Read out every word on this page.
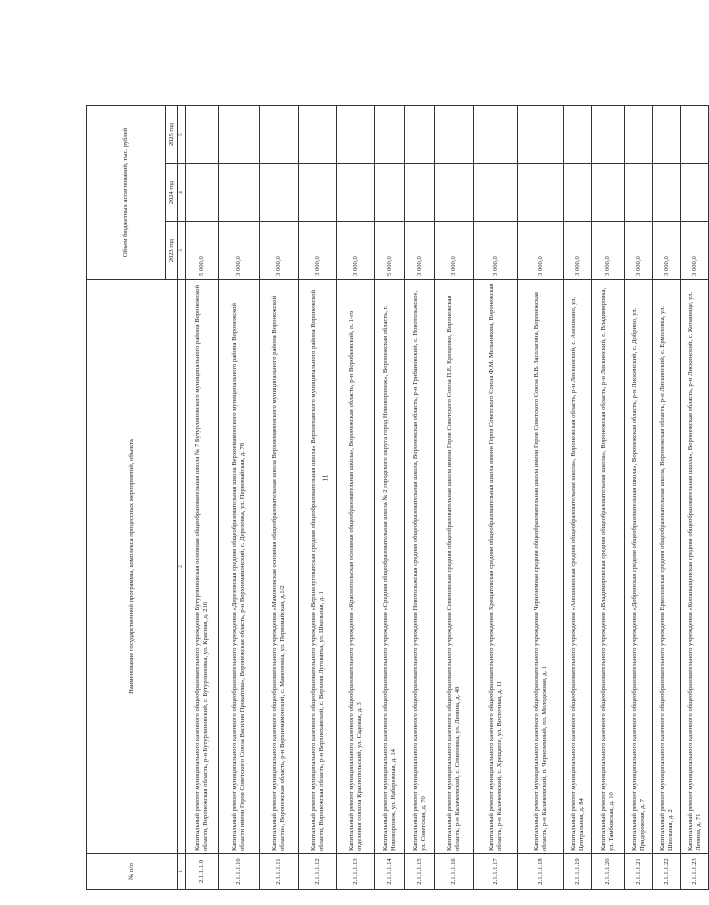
11
№ п/п	Наименование государственной программы, комплекса процессных мероприятий, объекта	Объем бюджетных ассигнований, тыс. рублей		
		2023 год	2024 год	2025 год
1	2	3	4	5
2.1.1.1.9	Капитальный ремонт муниципального казенного общеобразовательного учреждения Бутурлиновская основная общеобразовательная школа № 7 Бутурлиновского муниципального района Воронежской области, Воронежская область, р-н Бутурлиновский, г. Бутурлиновка, ул. Красная, д. 216	5 000,0		
2.1.1.1.10	Капитальный ремонт муниципального казенного общеобразовательного учреждения «Дерезовская средняя общеобразовательная школа Верхнемамонского муниципального района Воронежской области имени Героя Советского Союза Василия Прокатова», Воронежская область, р-н Верхнемамонский, с. Дерезовка, ул. Первомайская, д. 78	3 000,0		
2.1.1.1.11	Капитальный ремонт муниципального казенного общеобразовательного учреждения «Мамоновская основная общеобразовательная школа Верхнемамонского муниципального района Воронежской области», Воронежская область, р-н Верхнемамонский, с. Мамоновка, ул. Первомайская, д.1/2	3 000,0		
2.1.1.1.12	Капитальный ремонт муниципального казенного общеобразовательного учреждения «Верхнелуговатская средняя общеобразовательная школа» Верхнехавского муниципального района Воронежской области, Воронежская область, р-н Верхнехавский, с. Верхняя Луговатка, ул. Школьная, д. 1	3 000,0		
2.1.1.1.13	Капитальный ремонт муниципального казенного общеобразовательного учреждения «Краснопольская основная общеобразовательная школа», Воронежская область, р-н Воробьевский, п. 1-го отделения совхоза Краснопольский, ул. Садовая, д. 3	3 000,0		
2.1.1.1.14	Капитальный ремонт муниципального казенного общеобразовательного учреждения «Средняя общеобразовательная школа № 2 городского округа город Нововоронеж», Воронежская область, г. Нововоронеж, ул. Набережная, д. 14	5 000,0		
2.1.1.1.15	Капитальный ремонт муниципального казенного общеобразовательного учреждения Новотольжская средняя общеобразовательная школа, Воронежская область, р-н Грибановский, с. Новотольжское, ул. Советская, д. 70	3 000,0		
2.1.1.1.16	Капитальный ремонт муниципального казенного общеобразовательного учреждения Семеновская средняя общеобразовательная школа имени Героя Советского Союза П.Е. Ерещенко, Воронежская область, р-н Калачеевский, с. Семеновка, ул. Ленина, д. 49	3 000,0		
2.1.1.1.17	Капитальный ремонт муниципального казенного общеобразовательного учреждения Хрещатовская средняя общеобразовательная школа имени Героя Советского Союза Ф.М. Мельникова, Воронежская область, р-н Калачеевский, с. Хрещатое, ул. Восточная, д. 11	3 000,0		
2.1.1.1.18	Капитальный ремонт муниципального казенного общеобразовательного учреждения Черноземная средняя общеобразовательная школа имени Героя Советского Союза В.В. Засолагина, Воронежская область, р-н Калачеевский, п. Черноземный, пл. Молодежная, д. 1	3 000,0		
2.1.1.1.19	Капитальный ремонт муниципального казенного общеобразовательного учреждения «Аношкинская средняя общеобразовательная школа», Воронежская область, р-н Лискинский, с. Аношкино, ул. Центральная, д. 84	3 000,0		
2.1.1.1.20	Капитальный ремонт муниципального казенного общеобразовательного учреждения «Владимировская средняя общеобразовательная школа», Воронежская область, р-н Лискинский, с. Владимировка, ул. Тамбовская, д. 10	3 000,0		
2.1.1.1.21	Капитальный ремонт муниципального казенного общеобразовательного учреждения «Добринская средняя общеобразовательная школа», Воронежская область, р-н Лискинский, с. Добрино, ул. Придорожная, д. 7	3 000,0		
2.1.1.1.22	Капитальный ремонт муниципального казенного общеобразовательного учреждения Ермоловская средняя общеобразовательная школа, Воронежская область, р-н Лискинский, с. Ермоловка, ул. Школьная, д. 2	3 000,0		
2.1.1.1.23	Капитальный ремонт муниципального казенного общеобразовательного учреждения «Копаныщенская средняя общеобразовательная школа», Воронежская область, р-н Лискинский, с. Копанище, ул. Ленина, д. 71	3 000,0		
